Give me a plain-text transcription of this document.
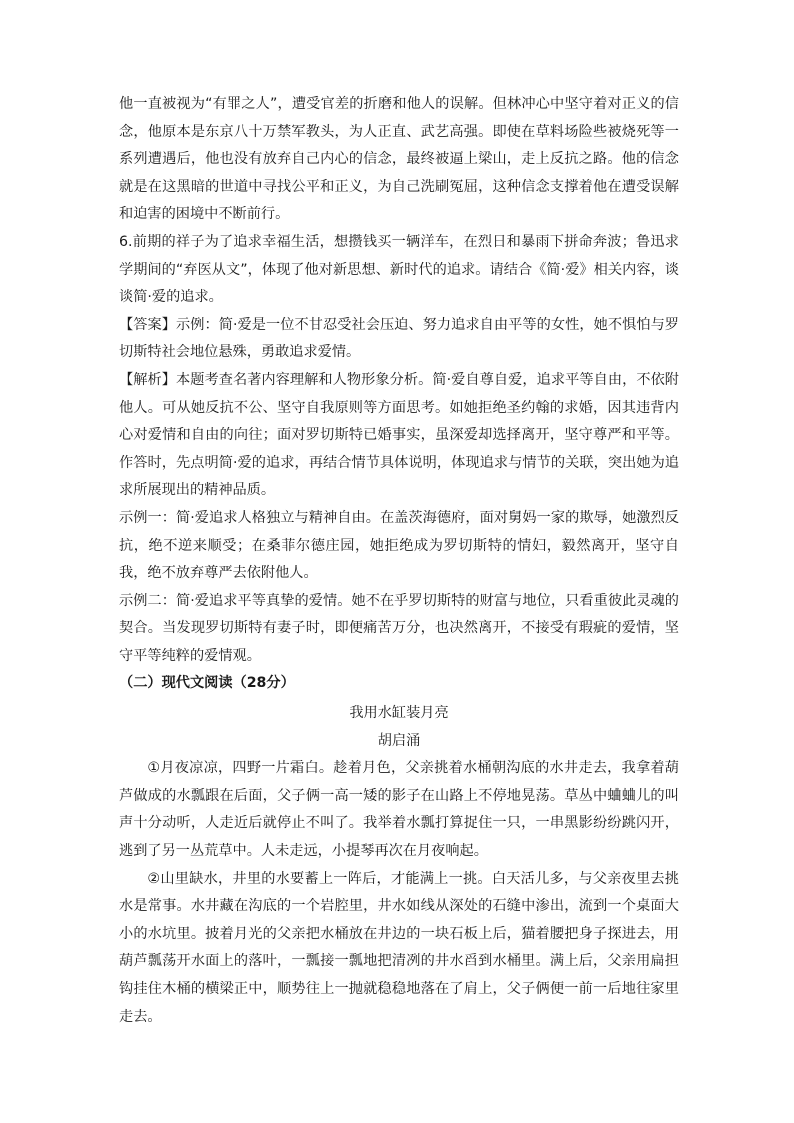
他一直被视为“有罪之人”，遭受官差的折磨和他人的误解。但林冲心中坚守着对正义的信念，他原本是东京八十万禁军教头，为人正直、武艺高强。即使在草料场险些被烧死等一系列遭遇后，他也没有放弃自己内心的信念，最终被逼上梁山，走上反抗之路。他的信念就是在这黑暗的世道中寻找公平和正义，为自己洗刷冤屈，这种信念支撑着他在遭受误解和迫害的困境中不断前行。

6.前期的祥子为了追求幸福生活，想攒钱买一辆洋车，在烈日和暴雨下拼命奔波；鲁迅求学期间的“弃医从文”，体现了他对新思想、新时代的追求。请结合《简·爱》相关内容，谈谈简·爱的追求。

【答案】示例：简·爱是一位不甘忍受社会压迫、努力追求自由平等的女性，她不惧怕与罗切斯特社会地位悬殊，勇敢追求爱情。

【解析】本题考查名著内容理解和人物形象分析。简·爱自尊自爱，追求平等自由，不依附他人。可从她反抗不公、坚守自我原则等方面思考。如她拒绝圣约翰的求婚，因其违背内心对爱情和自由的向往；面对罗切斯特已婚事实，虽深爱却选择离开，坚守尊严和平等。作答时，先点明简·爱的追求，再结合情节具体说明，体现追求与情节的关联，突出她为追求所展现出的精神品质。

示例一：简·爱追求人格独立与精神自由。在盖茨海德府，面对舅妈一家的欺辱，她激烈反抗，绝不逆来顺受；在桑菲尔德庄园，她拒绝成为罗切斯特的情妇，毅然离开，坚守自我，绝不放弃尊严去依附他人。

示例二：简·爱追求平等真挚的爱情。她不在乎罗切斯特的财富与地位，只看重彼此灵魂的契合。当发现罗切斯特有妻子时，即便痛苦万分，也决然离开，不接受有瑕疵的爱情，坚守平等纯粹的爱情观。

（二）现代文阅读（28分）

我用水缸装月亮

胡启涌

①月夜凉凉，四野一片霜白。趁着月色，父亲挑着水桶朝沟底的水井走去，我拿着葫芦做成的水瓢跟在后面，父子俩一高一矮的影子在山路上不停地晃荡。草丛中蛐蛐儿的叫声十分动听，人走近后就停止不叫了。我举着水瓢打算捉住一只，一串黑影纷纷跳闪开，逃到了另一丛荒草中。人未走远，小提琴再次在月夜响起。

②山里缺水，井里的水要蓄上一阵后，才能满上一挑。白天活儿多，与父亲夜里去挑水是常事。水井藏在沟底的一个岩腔里，井水如线从深处的石缝中渗出，流到一个桌面大小的水坑里。披着月光的父亲把水桶放在井边的一块石板上后，猫着腰把身子探进去，用葫芦瓢荡开水面上的落叶，一瓢接一瓢地把清冽的井水舀到水桶里。满上后，父亲用扁担钩挂住木桶的横梁正中，顺势往上一抛就稳稳地落在了肩上，父子俩便一前一后地往家里走去。
